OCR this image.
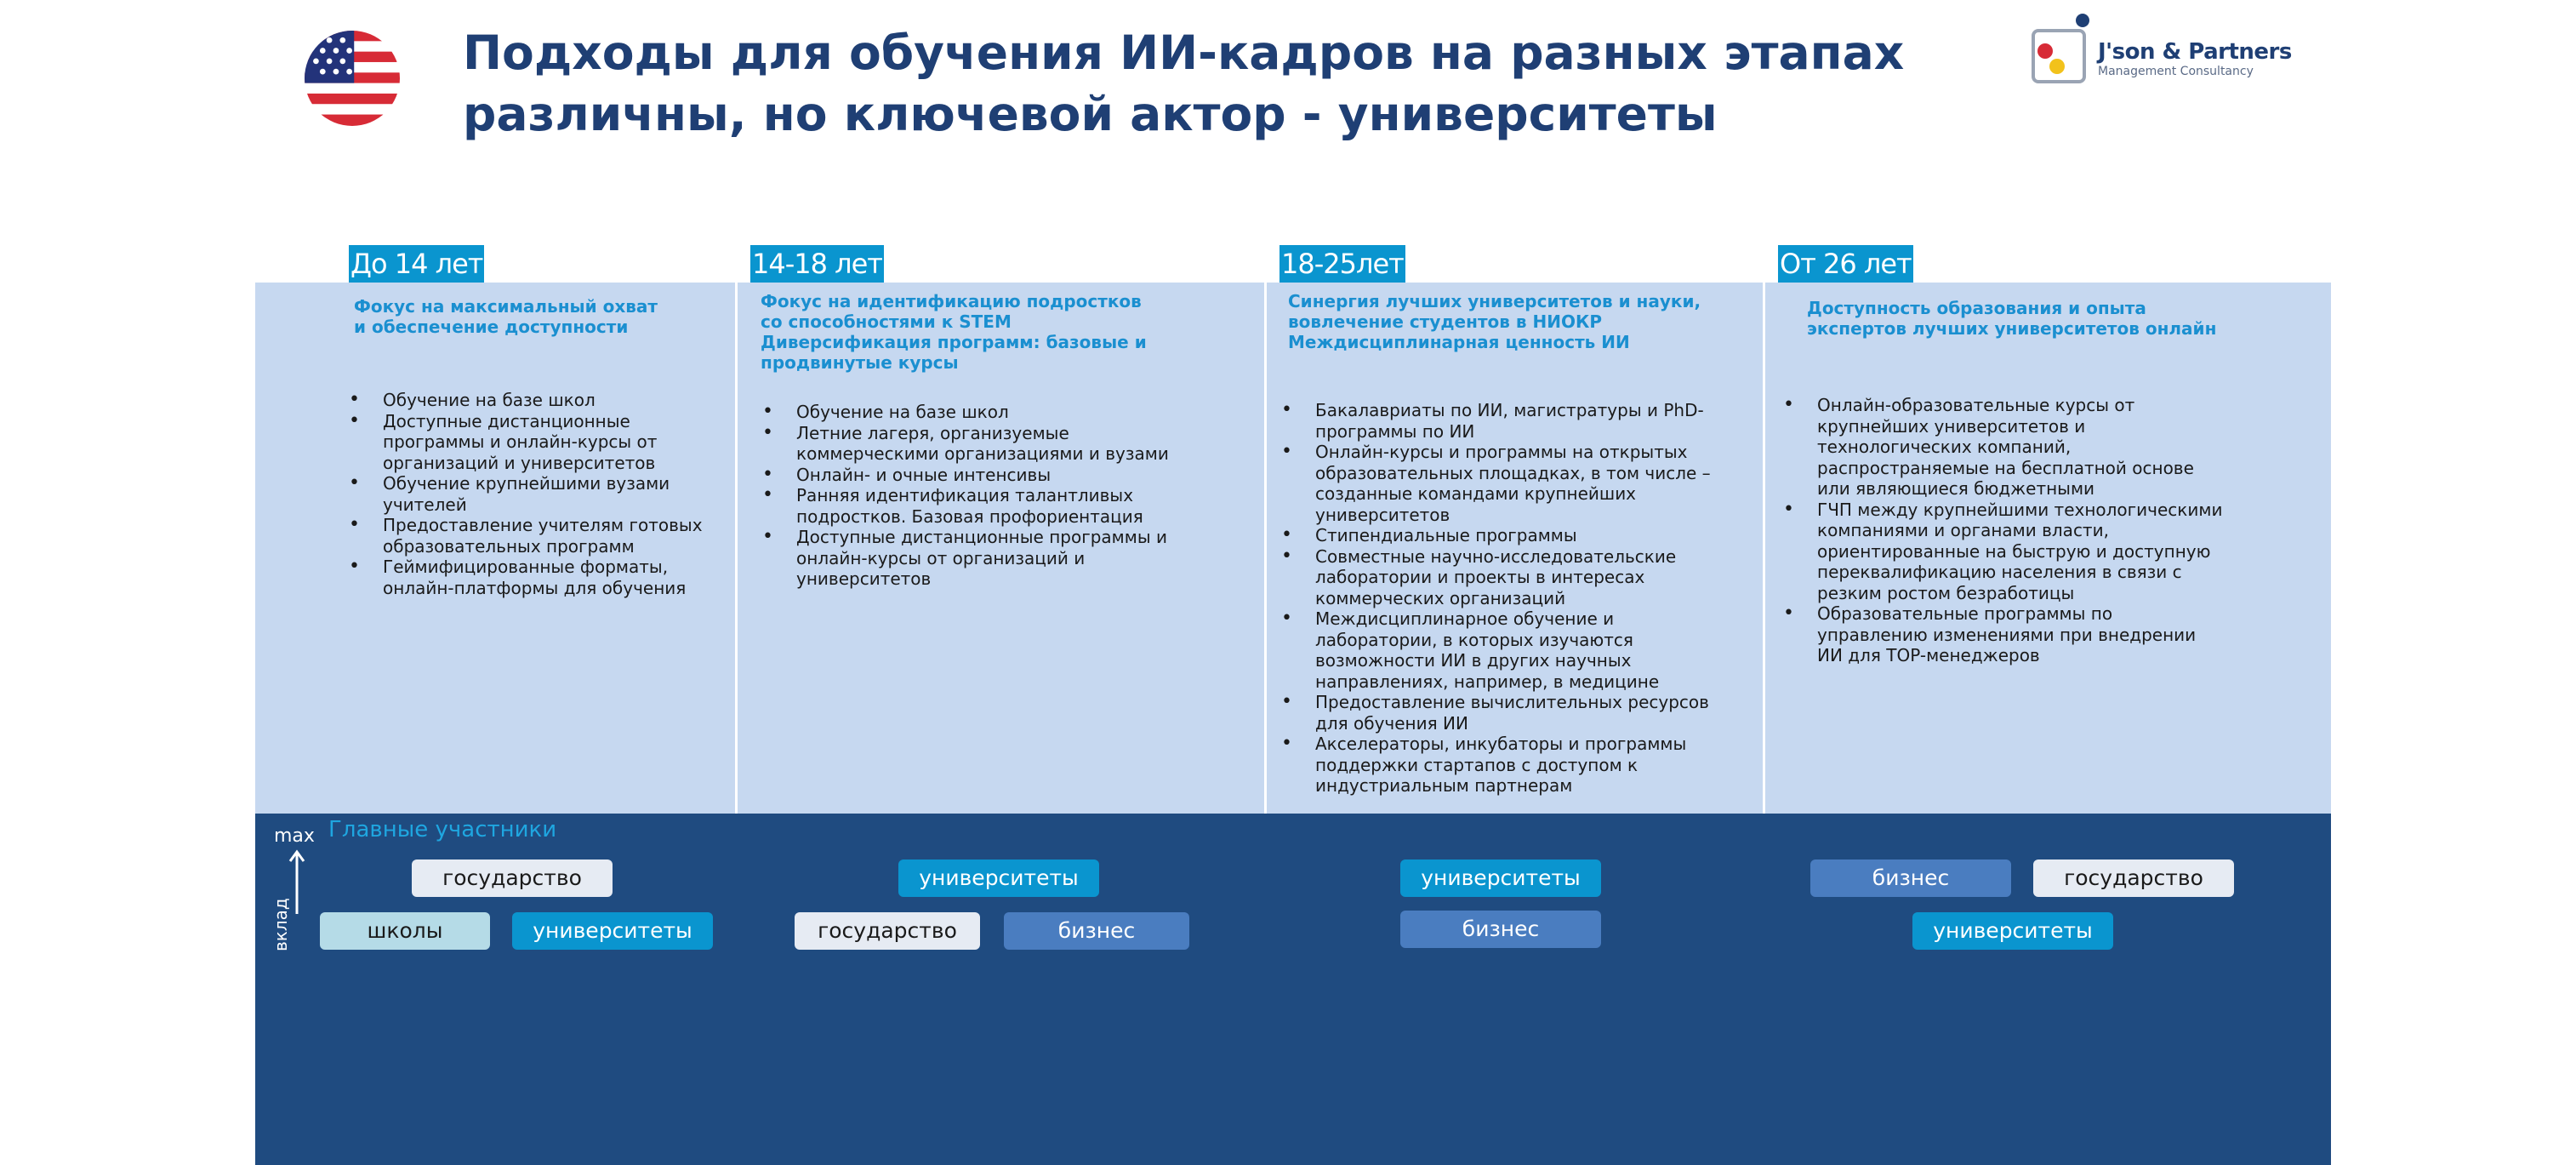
Подходы для обучения ИИ-кадров на разных этапах
различны, но ключевой актор - университеты
J'son & Partners
Management Consultancy
До 14 лет	14-18 лет	18-25лет	От 26 лет
Фокус на максимальный охват
и обеспечение доступности
• Обучение на базе школ
• Доступные дистанционные программы и онлайн-курсы от организаций и университетов
• Обучение крупнейшими вузами учителей
• Предоставление учителям готовых образовательных программ
• Геймифицированные форматы, онлайн-платформы для обучения
Фокус на идентификацию подростков
со способностями к STEM
Диверсификация программ: базовые и
продвинутые курсы
• Обучение на базе школ
• Летние лагеря, организуемые коммерческими организациями и вузами
• Онлайн- и очные интенсивы
• Ранняя идентификация талантливых подростков. Базовая профориентация
• Доступные дистанционные программы и онлайн-курсы от организаций и университетов
Синергия лучших университетов и науки,
вовлечение студентов в НИОКР
Междисциплинарная ценность ИИ
• Бакалавриаты по ИИ, магистратуры и PhD-программы по ИИ
• Онлайн-курсы и программы на открытых образовательных площадках, в том числе – созданные командами крупнейших университетов
• Стипендиальные программы
• Совместные научно-исследовательские лаборатории и проекты в интересах коммерческих организаций
• Междисциплинарное обучение и лаборатории, в которых изучаются возможности ИИ в других научных направлениях, например, в медицине
• Предоставление вычислительных ресурсов для обучения ИИ
• Акселераторы, инкубаторы и программы поддержки стартапов с доступом к индустриальным партнерам
Доступность образования и опыта
экспертов лучших университетов онлайн
• Онлайн-образовательные курсы от крупнейших университетов и технологических компаний, распространяемые на бесплатной основе или являющиеся бюджетными
• ГЧП между крупнейшими технологическими компаниями и органами власти, ориентированные на быструю и доступную переквалификацию населения в связи с резким ростом безработицы
• Образовательные программы по управлению изменениями при внедрении ИИ для TOP-менеджеров
Главные участники
max
вклад
государство
школы	университеты
университеты
государство	бизнес
университеты
бизнес
бизнес	государство
университеты
